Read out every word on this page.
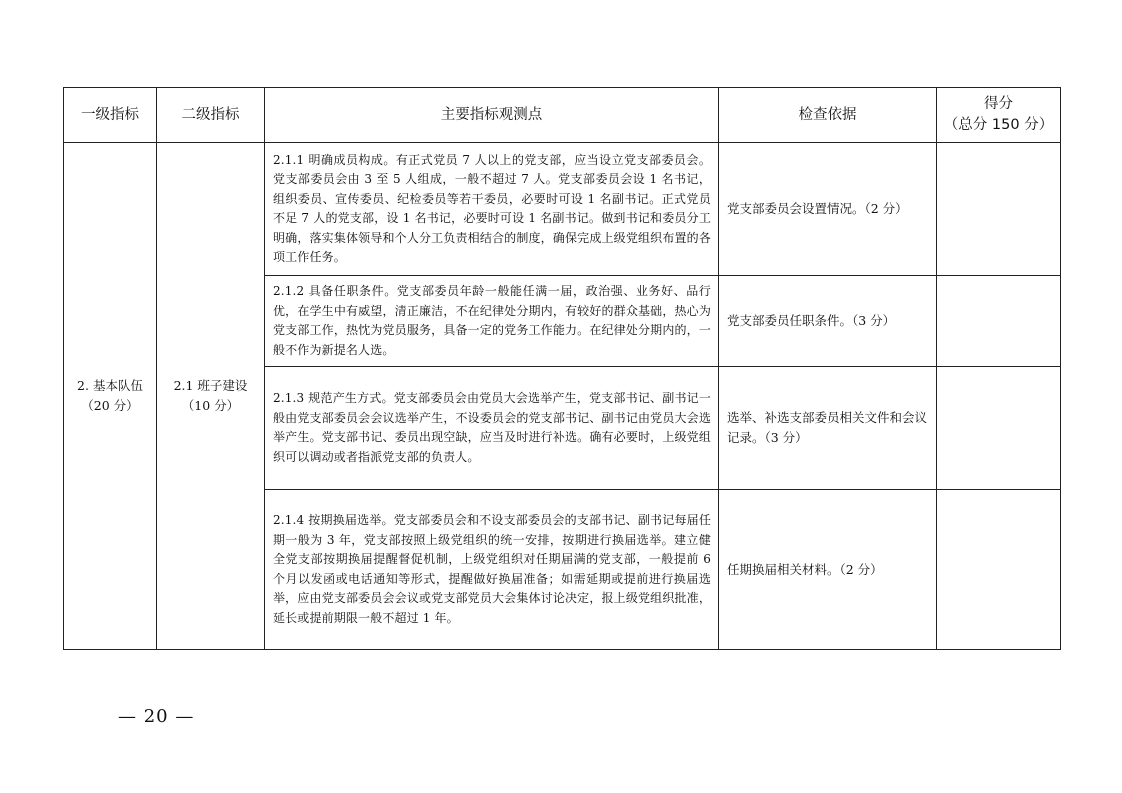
一级指标	二级指标	主要指标观测点	检查依据	得分
（总分 150 分）

2. 基本队伍
（20 分）	2.1 班子建设
（10 分）	2.1.1 明确成员构成。有正式党员 7 人以上的党支部，应当设立党支部委员会。党支部委员会由 3 至 5 人组成，一般不超过 7 人。党支部委员会设 1 名书记，组织委员、宣传委员、纪检委员等若干委员，必要时可设 1 名副书记。正式党员不足 7 人的党支部，设 1 名书记，必要时可设 1 名副书记。做到书记和委员分工明确，落实集体领导和个人分工负责相结合的制度，确保完成上级党组织布置的各项工作任务。	党支部委员会设置情况。（2 分）	
		2.1.2 具备任职条件。党支部委员年龄一般能任满一届，政治强、业务好、品行优，在学生中有威望，清正廉洁，不在纪律处分期内，有较好的群众基础，热心为党支部工作，热忱为党员服务，具备一定的党务工作能力。在纪律处分期内的，一般不作为新提名人选。	党支部委员任职条件。（3 分）	
		2.1.3 规范产生方式。党支部委员会由党员大会选举产生，党支部书记、副书记一般由党支部委员会会议选举产生，不设委员会的党支部书记、副书记由党员大会选举产生。党支部书记、委员出现空缺，应当及时进行补选。确有必要时，上级党组织可以调动或者指派党支部的负责人。	选举、补选支部委员相关文件和会议记录。（3 分）	
		2.1.4 按期换届选举。党支部委员会和不设支部委员会的支部书记、副书记每届任期一般为 3 年，党支部按照上级党组织的统一安排，按期进行换届选举。建立健全党支部按期换届提醒督促机制，上级党组织对任期届满的党支部，一般提前 6 个月以发函或电话通知等形式，提醒做好换届准备；如需延期或提前进行换届选举，应由党支部委员会会议或党支部党员大会集体讨论决定，报上级党组织批准，延长或提前期限一般不超过 1 年。	任期换届相关材料。（2 分）	
— 20 —
